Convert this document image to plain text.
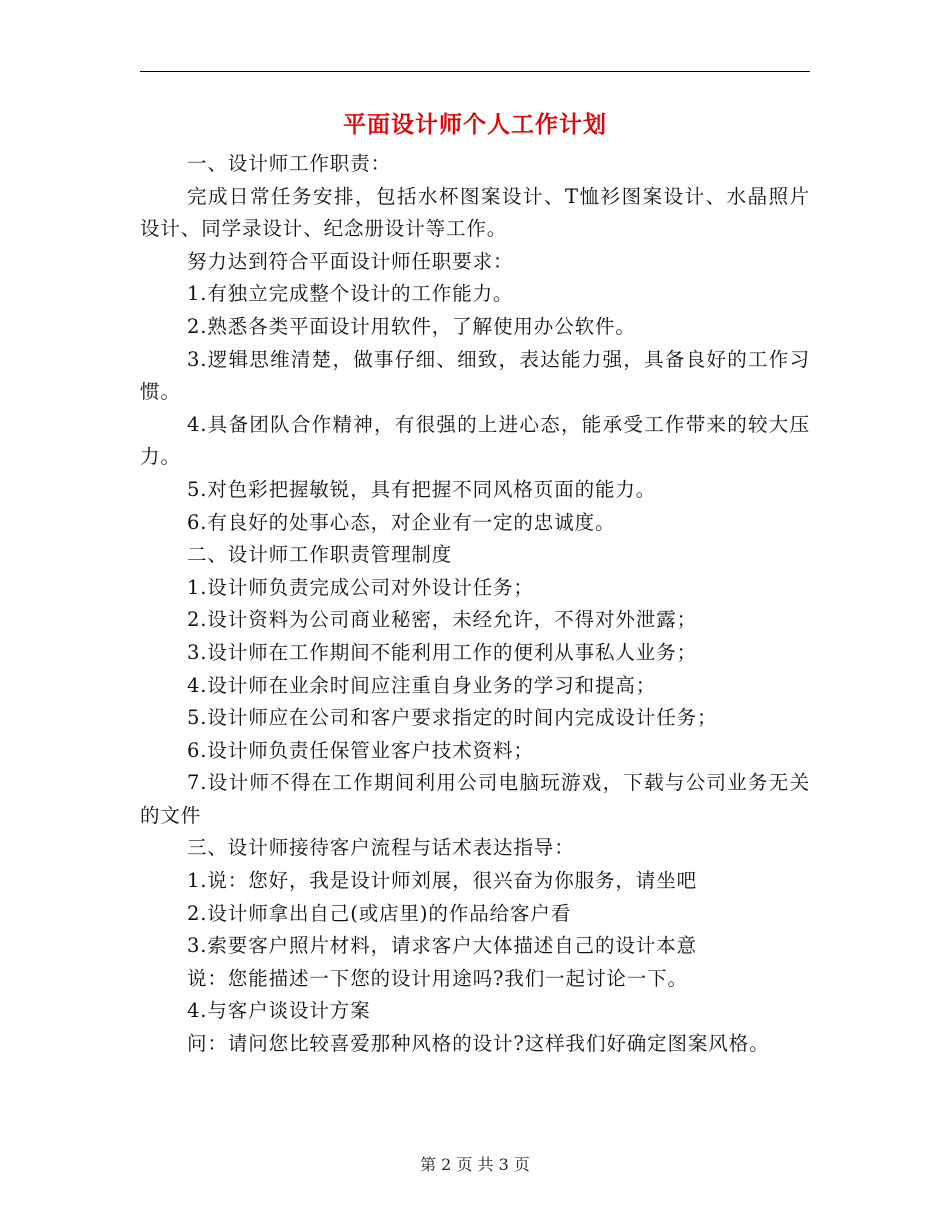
平面设计师个人工作计划

一、设计师工作职责：

完成日常任务安排，包括水杯图案设计、T恤衫图案设计、水晶照片设计、同学录设计、纪念册设计等工作。

努力达到符合平面设计师任职要求：

1.有独立完成整个设计的工作能力。

2.熟悉各类平面设计用软件，了解使用办公软件。

3.逻辑思维清楚，做事仔细、细致，表达能力强，具备良好的工作习惯。

4.具备团队合作精神，有很强的上进心态，能承受工作带来的较大压力。

5.对色彩把握敏锐，具有把握不同风格页面的能力。

6.有良好的处事心态，对企业有一定的忠诚度。

二、设计师工作职责管理制度

1.设计师负责完成公司对外设计任务；

2.设计资料为公司商业秘密，未经允许，不得对外泄露；

3.设计师在工作期间不能利用工作的便利从事私人业务；

4.设计师在业余时间应注重自身业务的学习和提高；

5.设计师应在公司和客户要求指定的时间内完成设计任务；

6.设计师负责任保管业客户技术资料；

7.设计师不得在工作期间利用公司电脑玩游戏，下载与公司业务无关的文件

三、设计师接待客户流程与话术表达指导：

1.说：您好，我是设计师刘展，很兴奋为你服务，请坐吧

2.设计师拿出自己(或店里)的作品给客户看

3.索要客户照片材料，请求客户大体描述自己的设计本意

说：您能描述一下您的设计用途吗?我们一起讨论一下。

4.与客户谈设计方案

问：请问您比较喜爱那种风格的设计?这样我们好确定图案风格。

第 2 页 共 3 页
